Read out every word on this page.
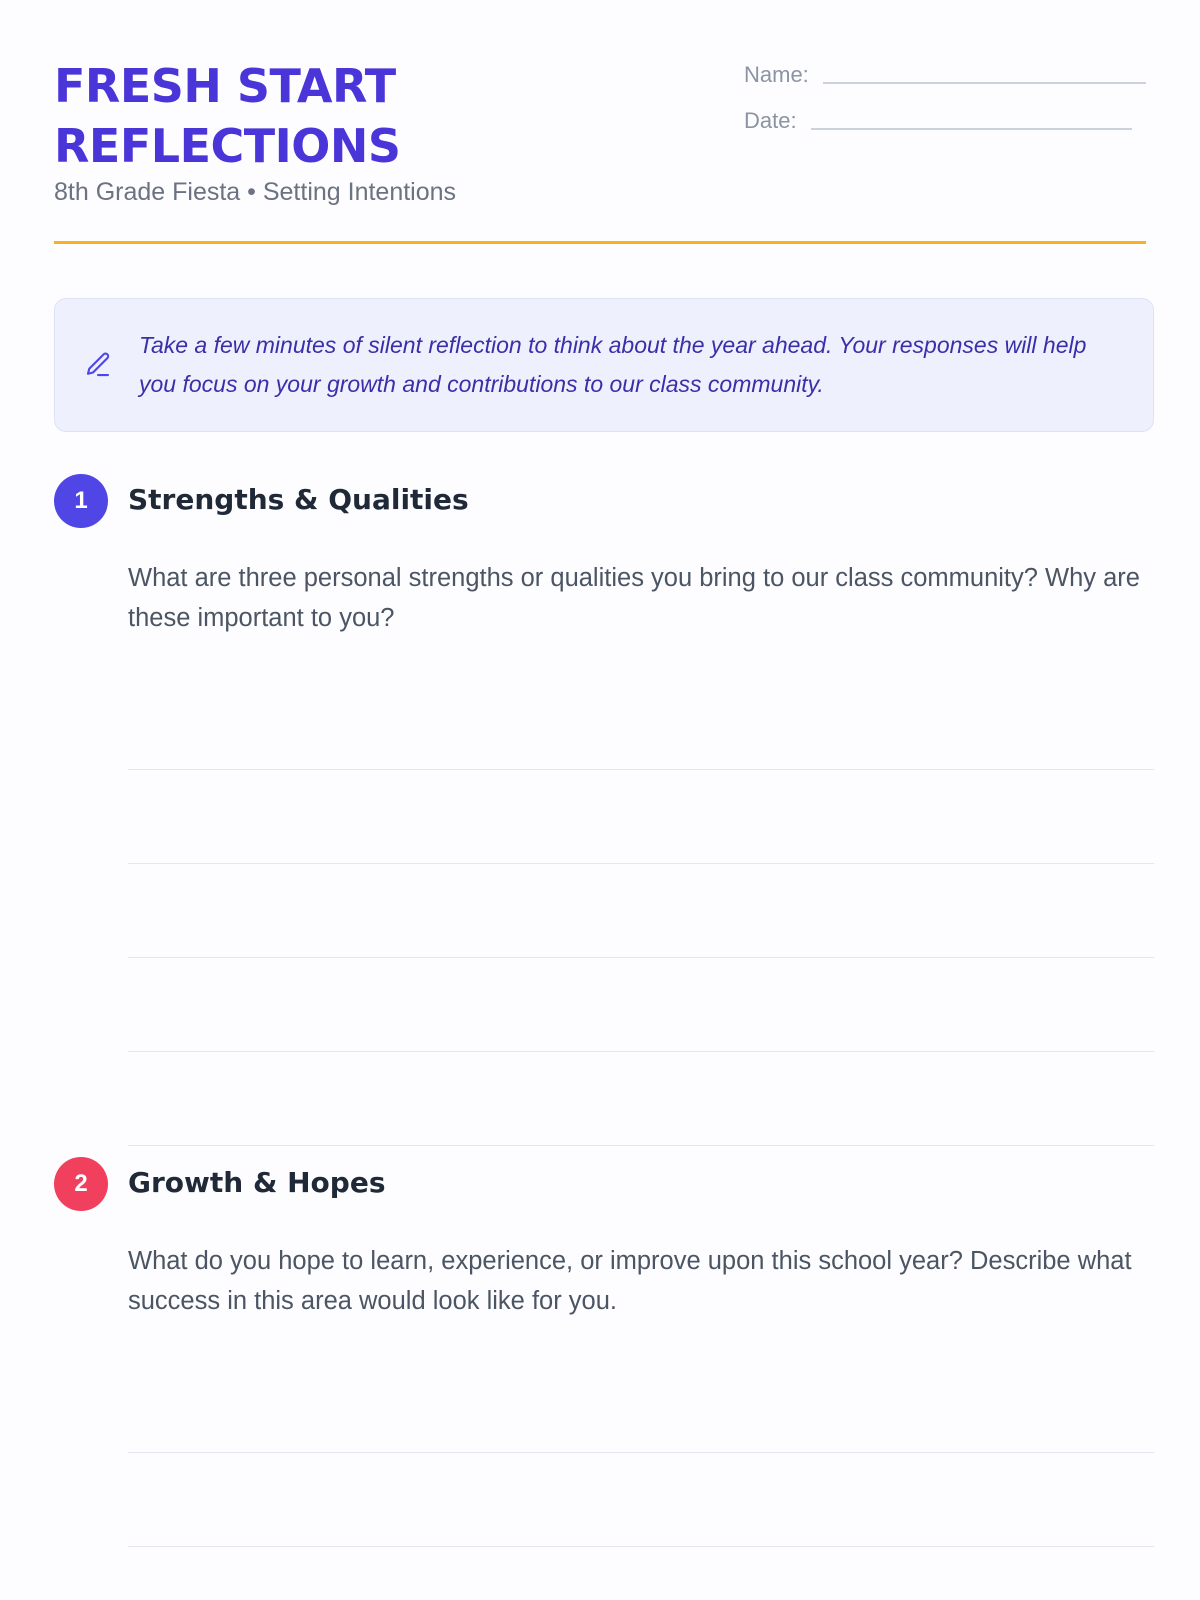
FRESH START REFLECTIONS
8th Grade Fiesta • Setting Intentions
Name:
Date:
Take a few minutes of silent reflection to think about the year ahead. Your responses will help you focus on your growth and contributions to our class community.
1	Strengths & Qualities
What are three personal strengths or qualities you bring to our class community? Why are these important to you?
2	Growth & Hopes
What do you hope to learn, experience, or improve upon this school year? Describe what success in this area would look like for you.
